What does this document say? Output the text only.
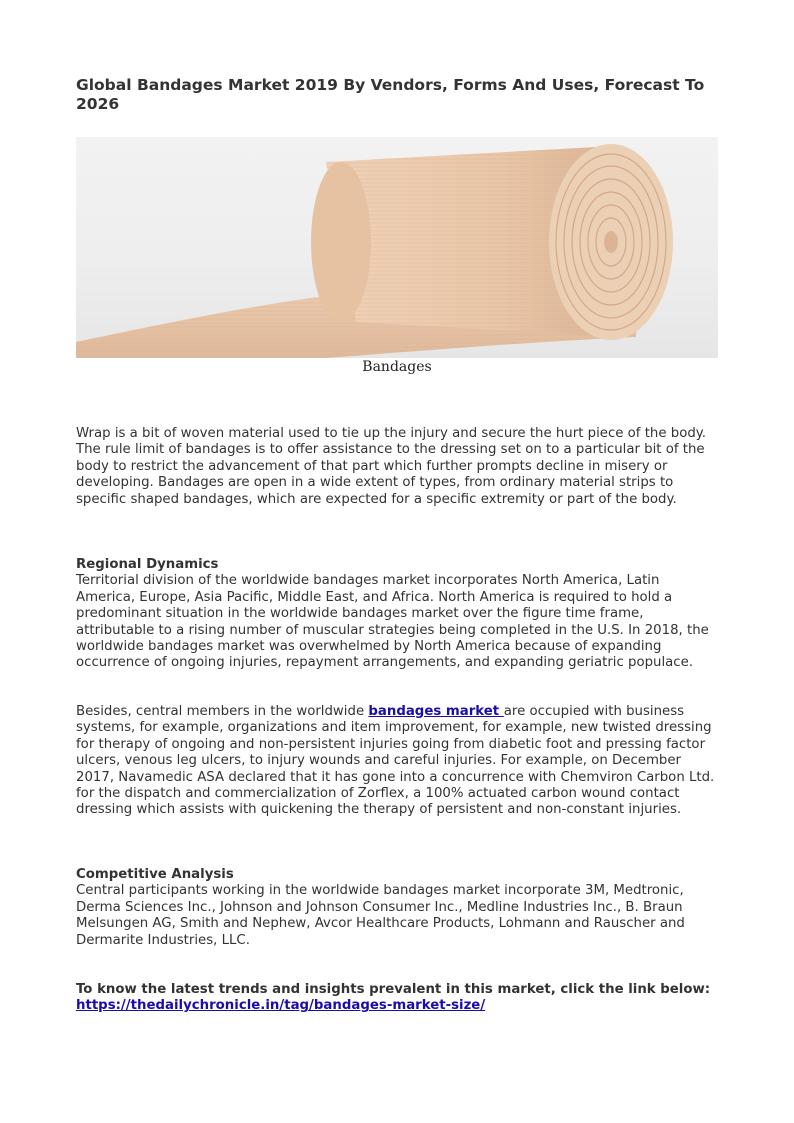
Global Bandages Market 2019 By Vendors, Forms And Uses, Forecast To 2026
Bandages

Wrap is a bit of woven material used to tie up the injury and secure the hurt piece of the body. The rule limit of bandages is to offer assistance to the dressing set on to a particular bit of the body to restrict the advancement of that part which further prompts decline in misery or developing. Bandages are open in a wide extent of types, from ordinary material strips to specific shaped bandages, which are expected for a specific extremity or part of the body.

Regional Dynamics
Territorial division of the worldwide bandages market incorporates North America, Latin America, Europe, Asia Pacific, Middle East, and Africa. North America is required to hold a predominant situation in the worldwide bandages market over the figure time frame, attributable to a rising number of muscular strategies being completed in the U.S. In 2018, the worldwide bandages market was overwhelmed by North America because of expanding occurrence of ongoing injuries, repayment arrangements, and expanding geriatric populace.

Besides, central members in the worldwide bandages market are occupied with business systems, for example, organizations and item improvement, for example, new twisted dressing for therapy of ongoing and non-persistent injuries going from diabetic foot and pressing factor ulcers, venous leg ulcers, to injury wounds and careful injuries. For example, on December 2017, Navamedic ASA declared that it has gone into a concurrence with Chemviron Carbon Ltd. for the dispatch and commercialization of Zorflex, a 100% actuated carbon wound contact dressing which assists with quickening the therapy of persistent and non-constant injuries.

Competitive Analysis
Central participants working in the worldwide bandages market incorporate 3M, Medtronic, Derma Sciences Inc., Johnson and Johnson Consumer Inc., Medline Industries Inc., B. Braun Melsungen AG, Smith and Nephew, Avcor Healthcare Products, Lohmann and Rauscher and Dermarite Industries, LLC.

To know the latest trends and insights prevalent in this market, click the link below: https://thedailychronicle.in/tag/bandages-market-size/
